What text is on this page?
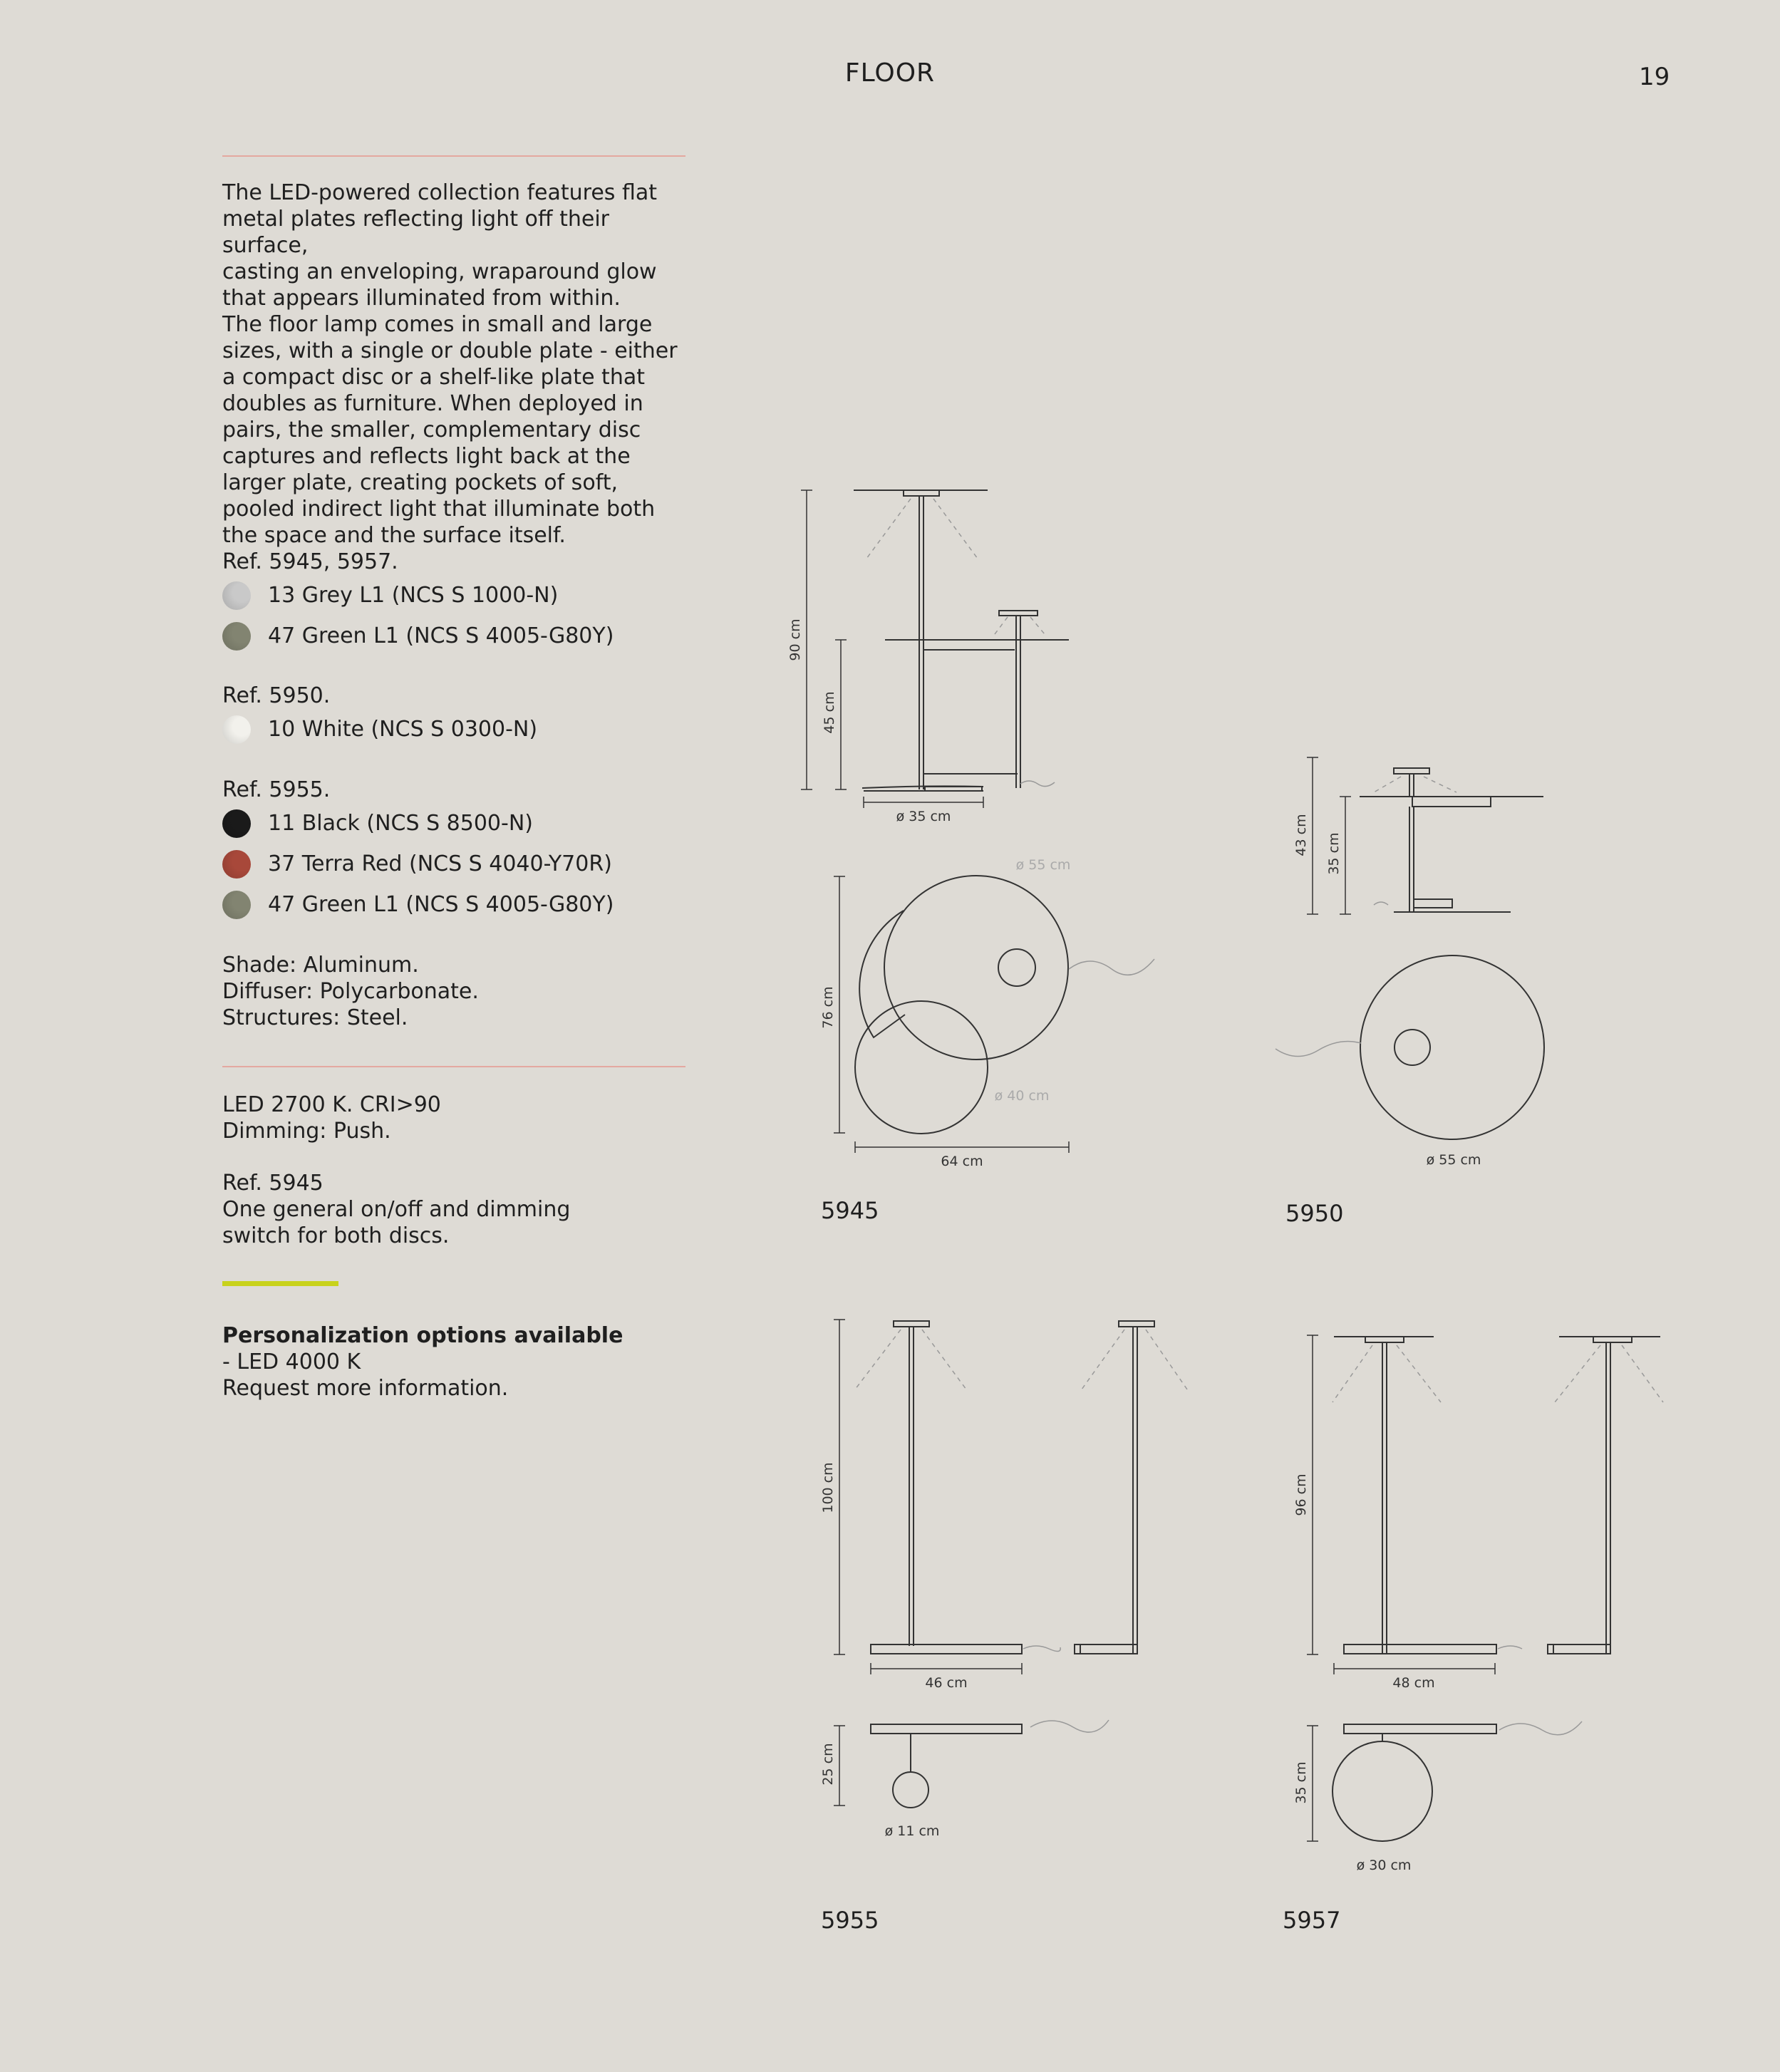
FLOOR	19
The LED-powered collection features flat
metal plates reflecting light off their surface,
casting an enveloping, wraparound glow
that appears illuminated from within.
The floor lamp comes in small and large
sizes, with a single or double plate - either
a compact disc or a shelf-like plate that
doubles as furniture. When deployed in
pairs, the smaller, complementary disc
captures and reflects light back at the
larger plate, creating pockets of soft,
pooled indirect light that illuminate both
the space and the surface itself.
Ref. 5945, 5957.
13 Grey L1 (NCS S 1000-N)
47 Green L1 (NCS S 4005-G80Y)
Ref. 5950.
10 White (NCS S 0300-N)
Ref. 5955.
11 Black (NCS S 8500-N)
37 Terra Red (NCS S 4040-Y70R)
47 Green L1 (NCS S 4005-G80Y)
Shade: Aluminum.
Diffuser: Polycarbonate.
Structures: Steel.
LED 2700 K. CRI>90
Dimming: Push.
Ref. 5945
One general on/off and dimming
switch for both discs.
Personalization options available
- LED 4000 K
Request more information.
90 cm
45 cm
ø 35 cm
76 cm
64 cm
ø 55 cm
ø 40 cm
43 cm 35 cm
ø 55 cm
100 cm
46 cm
25 cm
ø 11 cm
96 cm
48 cm
35 cm
ø 30 cm
5945	5950
5955	5957
